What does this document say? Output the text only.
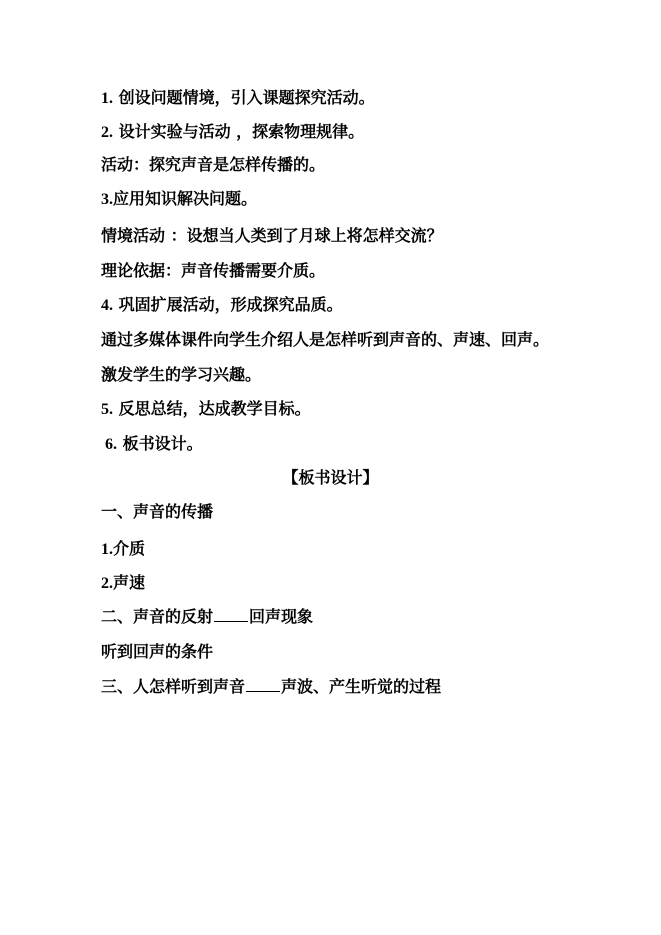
1. 创设问题情境，引入课题探究活动。
2. 设计实验与活动 ，探索物理规律。
活动：探究声音是怎样传播的。
3.应用知识解决问题。
情境活动 ：设想当人类到了月球上将怎样交流？
理论依据：声音传播需要介质。
4. 巩固扩展活动，形成探究品质。
通过多媒体课件向学生介绍人是怎样听到声音的、声速、回声。
激发学生的学习兴趣。
5. 反思总结，达成教学目标。
6. 板书设计。
【板书设计】
一、声音的传播
1.介质
2.声速
二、声音的反射 回声现象
听到回声的条件
三、人怎样听到声音 声波、产生听觉的过程
